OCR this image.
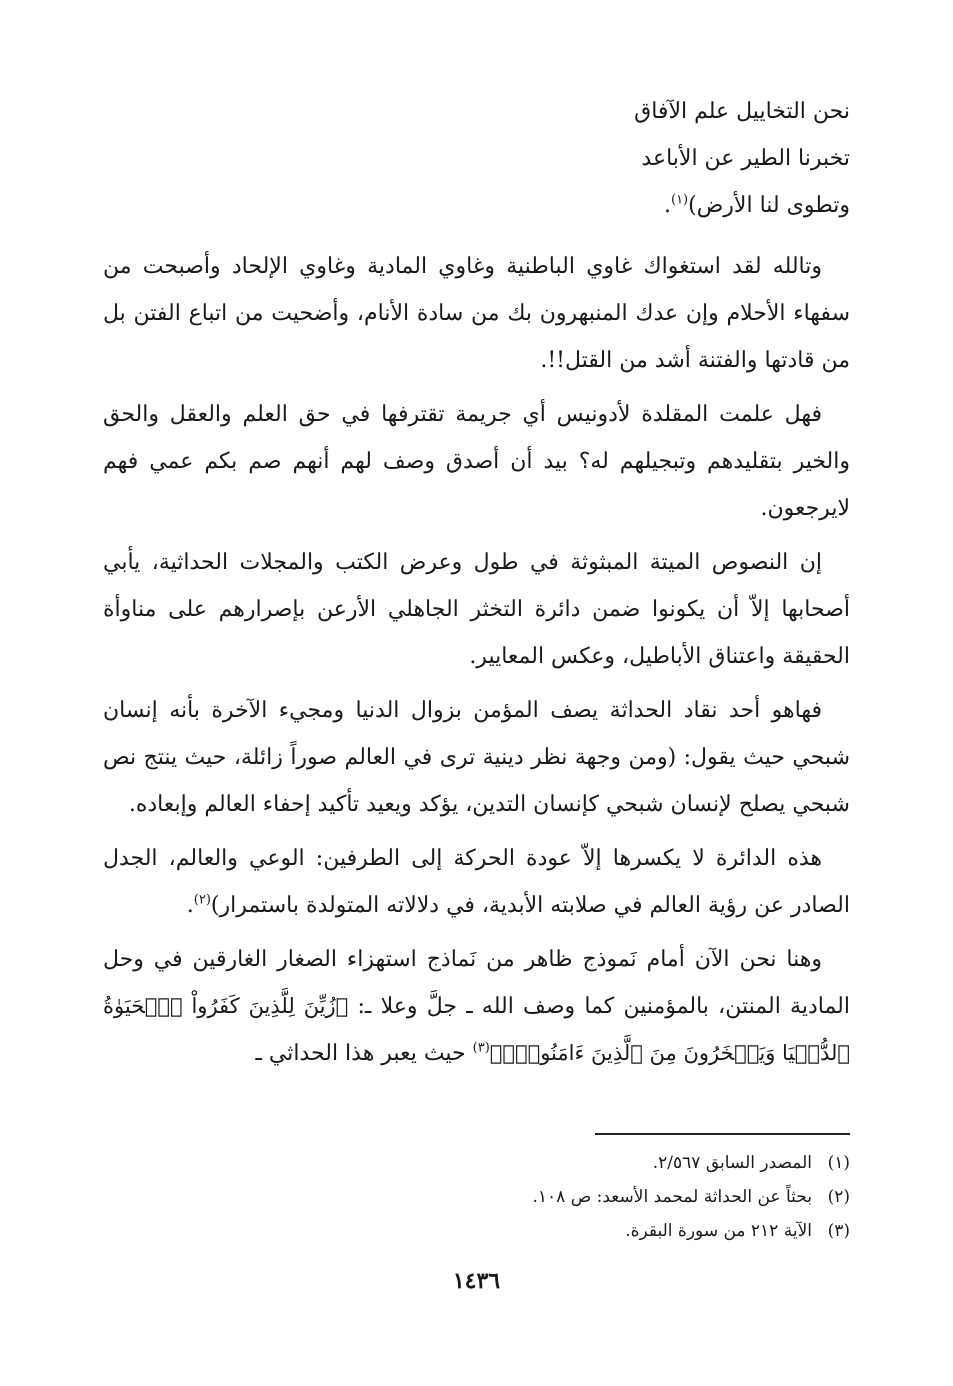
نحن التخاييل علم الآفاق
تخبرنا الطير عن الأباعد
وتطوى لنا الأرض)$^{(١)}$.

وتالله لقد استغواك غاوي الباطنية وغاوي المادية وغاوي الإلحاد وأصبحت من سفهاء الأحلام وإن عدك المنبهرون بك من سادة الأنام، وأضحيت من اتباع الفتن بل من قادتها والفتنة أشد من القتل!!.

فهل علمت المقلدة لأدونيس أي جريمة تقترفها في حق العلم والعقل والحق والخير بتقليدهم وتبجيلهم له؟ بيد أن أصدق وصف لهم أنهم صم بكم عمي فهم لايرجعون.

إن النصوص الميتة المبثوثة في طول وعرض الكتب والمجلات الحداثية، يأبي أصحابها إلاّ أن يكونوا ضمن دائرة التخثر الجاهلي الأرعن بإصرارهم على مناوأة الحقيقة واعتناق الأباطيل، وعكس المعايير.

فهاهو أحد نقاد الحداثة يصف المؤمن بزوال الدنيا ومجيء الآخرة بأنه إنسان شبحي حيث يقول: (ومن وجهة نظر دينية ترى في العالم صوراً زائلة، حيث ينتج نص شبحي يصلح لإنسان شبحي كإنسان التدين، يؤكد ويعيد تأكيد إحفاء العالم وإبعاده.

هذه الدائرة لا يكسرها إلاّ عودة الحركة إلى الطرفين: الوعي والعالم، الجدل الصادر عن رؤية العالم في صلابته الأبدية، في دلالاته المتولدة باستمرار)$^{(٢)}$.

وهنا نحن الآن أمام نَموذج ظاهر من نَماذج استهزاء الصغار الغارقين في وحل المادية المنتن، بالمؤمنين كما وصف الله ـ جلَّ وعلا ـ: ﴿زُيِّنَ لِلَّذِينَ كَفَرُواْ ٱلۡحَيَوٰةُ ٱلدُّنۡيَا وَيَسۡخَرُونَ مِنَ ٱلَّذِينَ ءَامَنُواْۘ﴾$^{(٣)}$ حيث يعبر هذا الحداثي ـ

(١)المصدر السابق ٢/٥٦٧.
(٢)بحثاً عن الحداثة لمحمد الأسعد: ص ١٠٨.
(٣)الآية ٢١٢ من سورة البقرة.
١٤٣٦
